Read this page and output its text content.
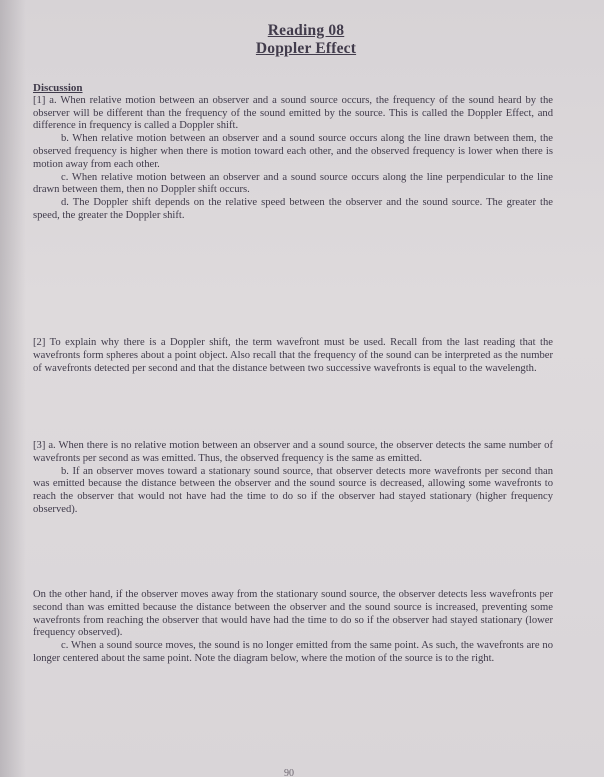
Reading 08
Doppler Effect
Discussion

[1] a. When relative motion between an observer and a sound source occurs, the frequency of the sound heard by the observer will be different than the frequency of the sound emitted by the source. This is called the Doppler Effect, and difference in frequency is called a Doppler shift.

b. When relative motion between an observer and a sound source occurs along the line drawn between them, the observed frequency is higher when there is motion toward each other, and the observed frequency is lower when there is motion away from each other.

c. When relative motion between an observer and a sound source occurs along the line perpendicular to the line drawn between them, then no Doppler shift occurs.

d. The Doppler shift depends on the relative speed between the observer and the sound source. The greater the speed, the greater the Doppler shift.

[2] To explain why there is a Doppler shift, the term wavefront must be used. Recall from the last reading that the wavefronts form spheres about a point object. Also recall that the frequency of the sound can be interpreted as the number of wavefronts detected per second and that the distance between two successive wavefronts is equal to the wavelength.

[3] a. When there is no relative motion between an observer and a sound source, the observer detects the same number of wavefronts per second as was emitted. Thus, the observed frequency is the same as emitted.

b. If an observer moves toward a stationary sound source, that observer detects more wavefronts per second than was emitted because the distance between the observer and the sound source is decreased, allowing some wavefronts to reach the observer that would not have had the time to do so if the observer had stayed stationary (higher frequency observed).

On the other hand, if the observer moves away from the stationary sound source, the observer detects less wavefronts per second than was emitted because the distance between the observer and the sound source is increased, preventing some wavefronts from reaching the observer that would have had the time to do so if the observer had stayed stationary (lower frequency observed).

c. When a sound source moves, the sound is no longer emitted from the same point. As such, the wavefronts are no longer centered about the same point. Note the diagram below, where the motion of the source is to the right.

90
